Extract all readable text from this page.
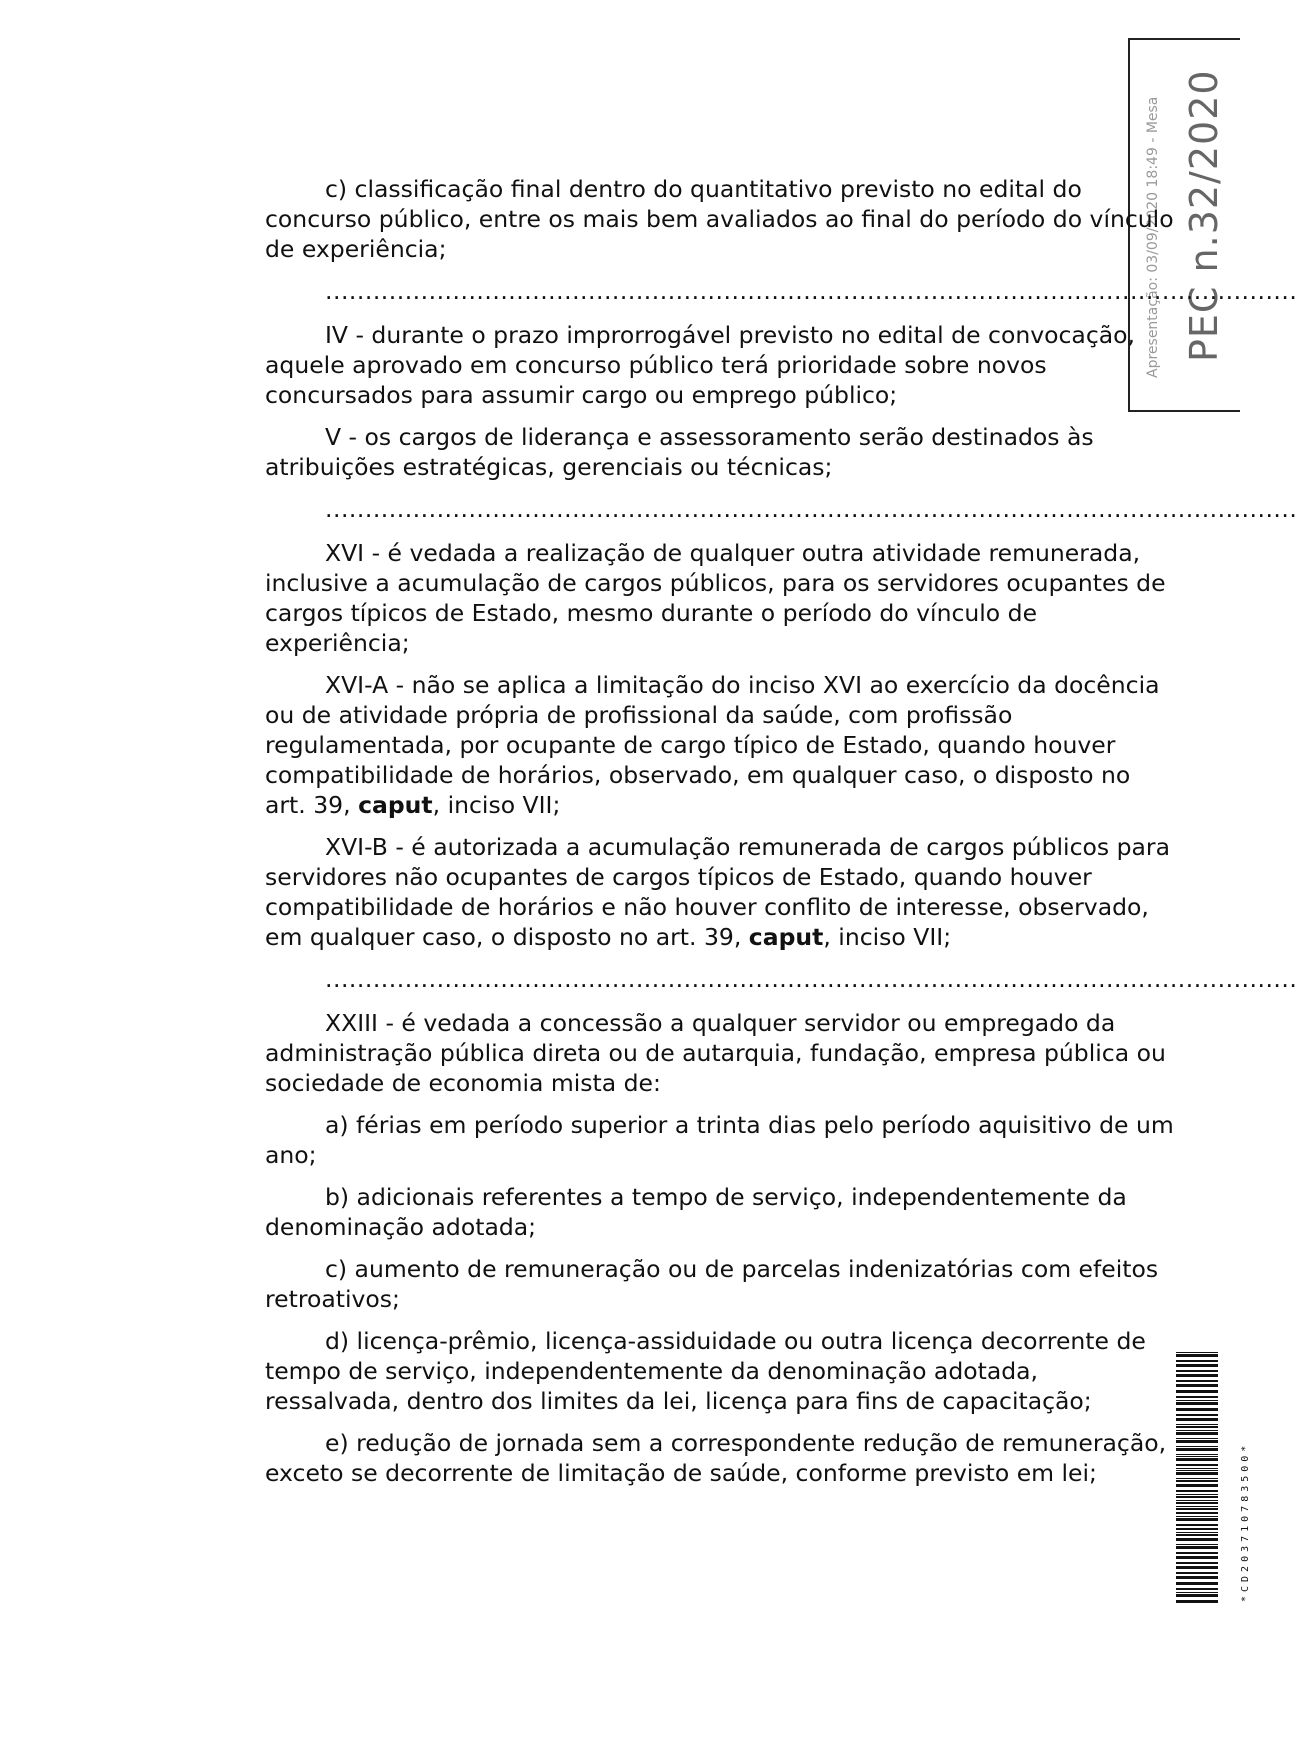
Apresentação: 03/09/2020 18:49 - Mesa PEC n.32/2020

c) classificação final dentro do quantitativo previsto no edital do concurso público, entre os mais bem avaliados ao final do período do vínculo de experiência;

..........................................................................................................................

IV - durante o prazo improrrogável previsto no edital de convocação, aquele aprovado em concurso público terá prioridade sobre novos concursados para assumir cargo ou emprego público;

V - os cargos de liderança e assessoramento serão destinados às atribuições estratégicas, gerenciais ou técnicas;

..........................................................................................................................

XVI - é vedada a realização de qualquer outra atividade remunerada, inclusive a acumulação de cargos públicos, para os servidores ocupantes de cargos típicos de Estado, mesmo durante o período do vínculo de experiência;

XVI-A - não se aplica a limitação do inciso XVI ao exercício da docência ou de atividade própria de profissional da saúde, com profissão regulamentada, por ocupante de cargo típico de Estado, quando houver compatibilidade de horários, observado, em qualquer caso, o disposto no art. 39, caput, inciso VII;

XVI-B - é autorizada a acumulação remunerada de cargos públicos para servidores não ocupantes de cargos típicos de Estado, quando houver compatibilidade de horários e não houver conflito de interesse, observado, em qualquer caso, o disposto no art. 39, caput, inciso VII;

..........................................................................................................................

XXIII - é vedada a concessão a qualquer servidor ou empregado da administração pública direta ou de autarquia, fundação, empresa pública ou sociedade de economia mista de:

a) férias em período superior a trinta dias pelo período aquisitivo de um ano;

b) adicionais referentes a tempo de serviço, independentemente da denominação adotada;

c) aumento de remuneração ou de parcelas indenizatórias com efeitos retroativos;

d) licença-prêmio, licença-assiduidade ou outra licença decorrente de tempo de serviço, independentemente da denominação adotada, ressalvada, dentro dos limites da lei, licença para fins de capacitação;

e) redução de jornada sem a correspondente redução de remuneração, exceto se decorrente de limitação de saúde, conforme previsto em lei;	*CD203710783500*
